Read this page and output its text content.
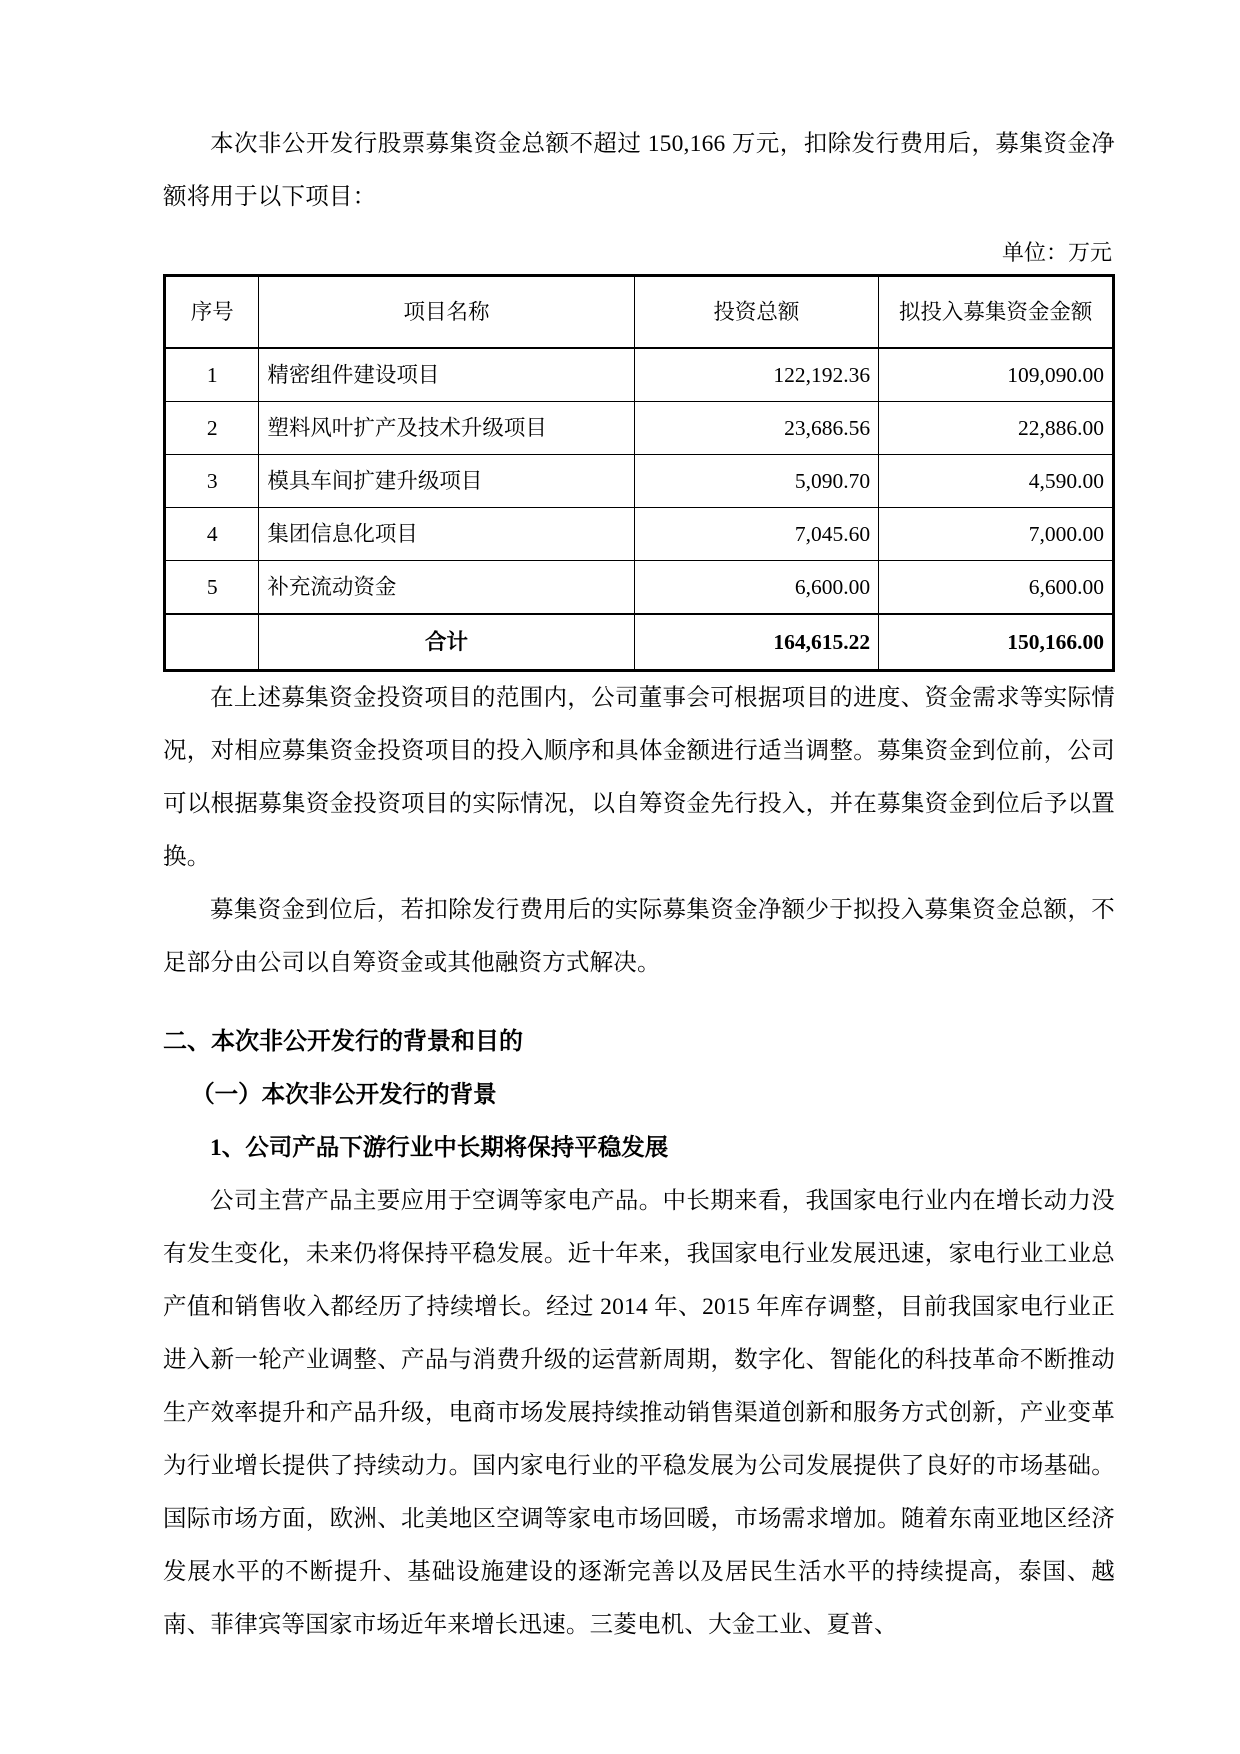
本次非公开发行股票募集资金总额不超过 150,166 万元，扣除发行费用后，募集资金净额将用于以下项目：

单位：万元
序号	项目名称	投资总额	拟投入募集资金金额
1	精密组件建设项目	122,192.36	109,090.00
2	塑料风叶扩产及技术升级项目	23,686.56	22,886.00
3	模具车间扩建升级项目	5,090.70	4,590.00
4	集团信息化项目	7,045.60	7,000.00
5	补充流动资金	6,600.00	6,600.00
	合计	164,615.22	150,166.00

在上述募集资金投资项目的范围内，公司董事会可根据项目的进度、资金需求等实际情况，对相应募集资金投资项目的投入顺序和具体金额进行适当调整。募集资金到位前，公司可以根据募集资金投资项目的实际情况，以自筹资金先行投入，并在募集资金到位后予以置换。

募集资金到位后，若扣除发行费用后的实际募集资金净额少于拟投入募集资金总额，不足部分由公司以自筹资金或其他融资方式解决。

二、本次非公开发行的背景和目的

（一）本次非公开发行的背景

1、公司产品下游行业中长期将保持平稳发展

公司主营产品主要应用于空调等家电产品。中长期来看，我国家电行业内在增长动力没有发生变化，未来仍将保持平稳发展。近十年来，我国家电行业发展迅速，家电行业工业总产值和销售收入都经历了持续增长。经过 2014 年、2015 年库存调整，目前我国家电行业正进入新一轮产业调整、产品与消费升级的运营新周期，数字化、智能化的科技革命不断推动生产效率提升和产品升级，电商市场发展持续推动销售渠道创新和服务方式创新，产业变革为行业增长提供了持续动力。国内家电行业的平稳发展为公司发展提供了良好的市场基础。国际市场方面，欧洲、北美地区空调等家电市场回暖，市场需求增加。随着东南亚地区经济发展水平的不断提升、基础设施建设的逐渐完善以及居民生活水平的持续提高，泰国、越南、菲律宾等国家市场近年来增长迅速。三菱电机、大金工业、夏普、
